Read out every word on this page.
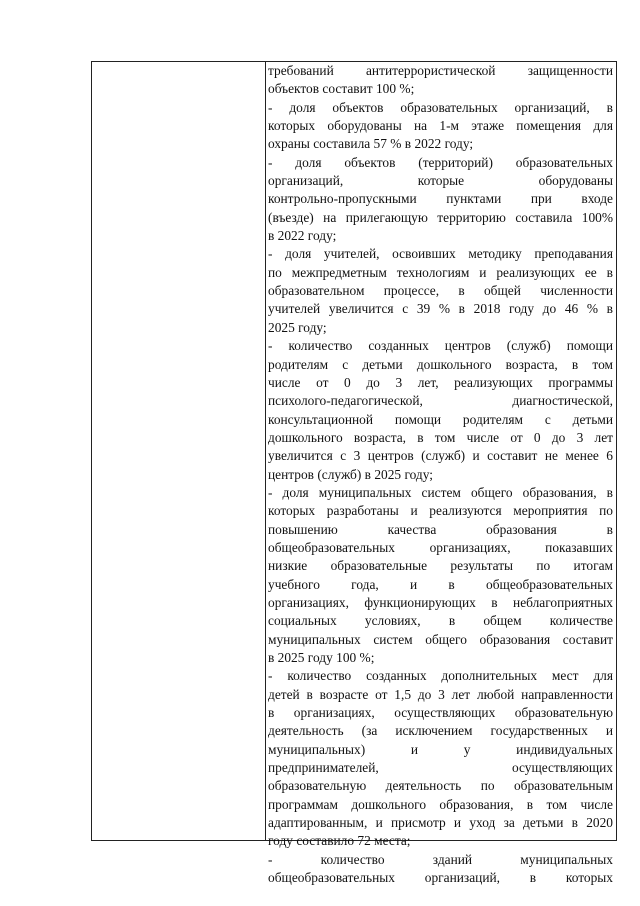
требований антитеррористической защищенности
объектов составит 100 %;
- доля объектов образовательных организаций, в
которых оборудованы на 1-м этаже помещения для
охраны составила 57 % в 2022 году;
- доля объектов (территорий) образовательных
организаций, которые оборудованы
контрольно-пропускными пунктами при входе
(въезде) на прилегающую территорию составила 100%
в 2022 году;
- доля учителей, освоивших методику преподавания
по межпредметным технологиям и реализующих ее в
образовательном процессе, в общей численности
учителей увеличится с 39 % в 2018 году до 46 % в
2025 году;
- количество созданных центров (служб) помощи
родителям с детьми дошкольного возраста, в том
числе от 0 до 3 лет, реализующих программы
психолого-педагогической, диагностической,
консультационной помощи родителям с детьми
дошкольного возраста, в том числе от 0 до 3 лет
увеличится с 3 центров (служб) и составит не менее 6
центров (служб) в 2025 году;
- доля муниципальных систем общего образования, в
которых разработаны и реализуются мероприятия по
повышению качества образования в
общеобразовательных организациях, показавших
низкие образовательные результаты по итогам
учебного года, и в общеобразовательных
организациях, функционирующих в неблагоприятных
социальных условиях, в общем количестве
муниципальных систем общего образования составит
в 2025 году 100 %;
- количество созданных дополнительных мест для
детей в возрасте от 1,5 до 3 лет любой направленности
в организациях, осуществляющих образовательную
деятельность (за исключением государственных и
муниципальных) и у индивидуальных
предпринимателей, осуществляющих
образовательную деятельность по образовательным
программам дошкольного образования, в том числе
адаптированным, и присмотр и уход за детьми в 2020
году составило 72 места;
- количество зданий муниципальных
общеобразовательных организаций, в которых
